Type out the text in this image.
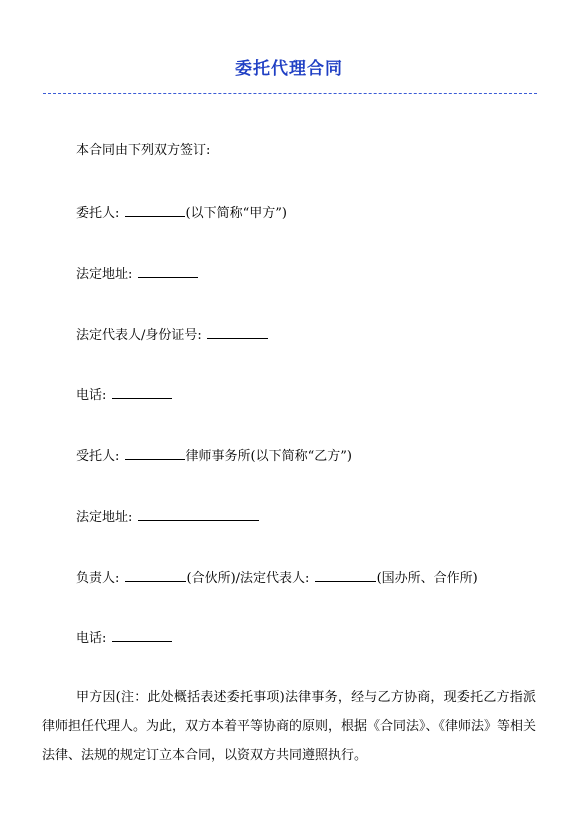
委托代理合同
本合同由下列双方签订:
委托人:	(以下简称“甲方”)
法定地址:
法定代表人/身份证号:
电话:
受托人:	律师事务所(以下简称“乙方”)
法定地址:
负责人:	(合伙所)/法定代表人:	(国办所、合作所)
电话:
甲方因(注：此处概括表述委托事项)法律事务，经与乙方协商，现委托乙方指派律师担任代理人。为此，双方本着平等协商的原则，根据《合同法》、《律师法》等相关法律、法规的规定订立本合同，以资双方共同遵照执行。
